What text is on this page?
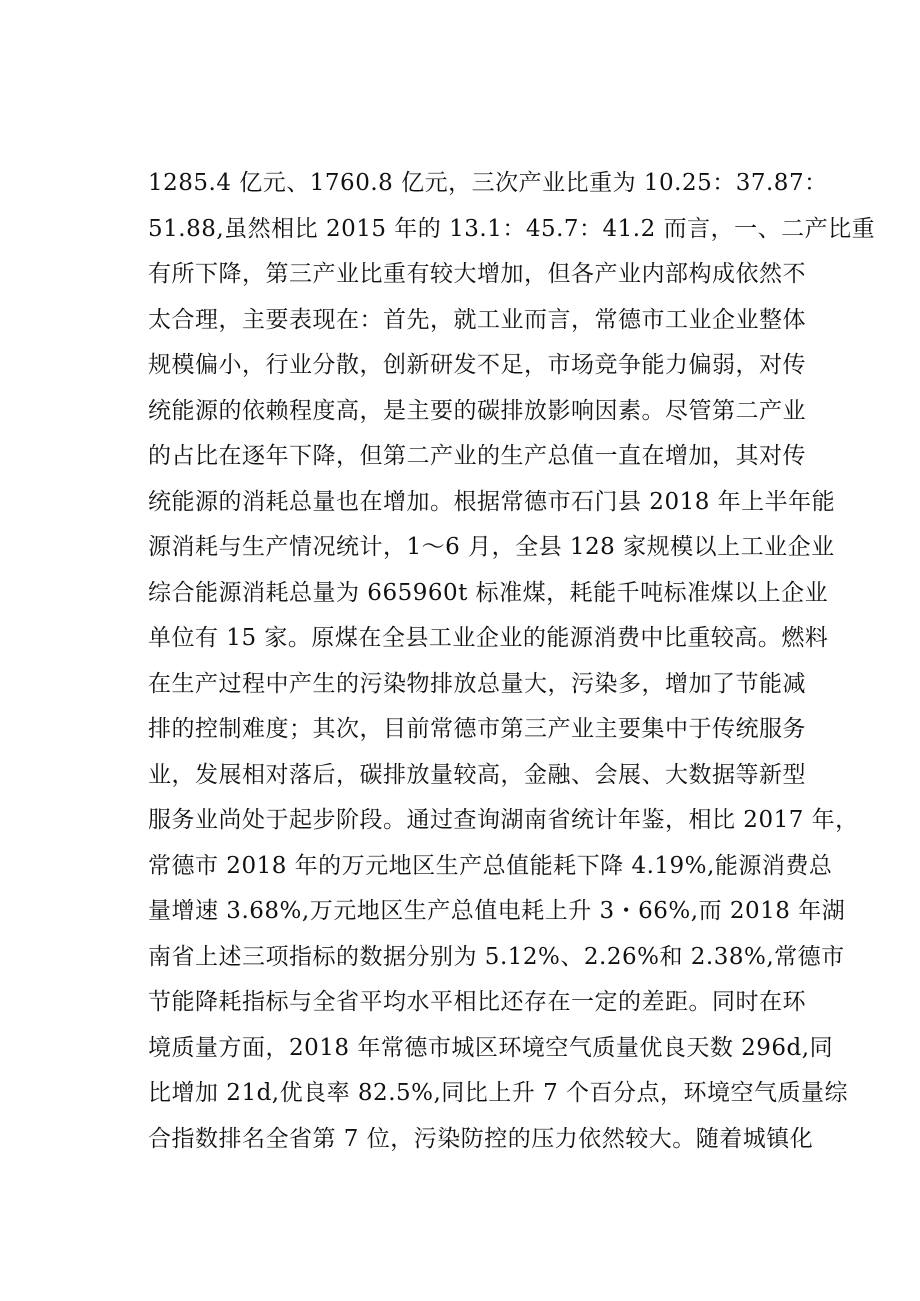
1285.4 亿元、1760.8 亿元，三次产业比重为 10.25：37.87：
51.88,虽然相比 2015 年的 13.1：45.7：41.2 而言，一、二产比重
有所下降，第三产业比重有较大增加，但各产业内部构成依然不
太合理，主要表现在：首先，就工业而言，常德市工业企业整体
规模偏小，行业分散，创新研发不足，市场竞争能力偏弱，对传
统能源的依赖程度高，是主要的碳排放影响因素。尽管第二产业
的占比在逐年下降，但第二产业的生产总值一直在增加，其对传
统能源的消耗总量也在增加。根据常德市石门县 2018 年上半年能
源消耗与生产情况统计，1～6 月，全县 128 家规模以上工业企业
综合能源消耗总量为 665960t 标准煤，耗能千吨标准煤以上企业
单位有 15 家。原煤在全县工业企业的能源消费中比重较高。燃料
在生产过程中产生的污染物排放总量大，污染多，增加了节能减
排的控制难度；其次，目前常德市第三产业主要集中于传统服务
业，发展相对落后，碳排放量较高，金融、会展、大数据等新型
服务业尚处于起步阶段。通过查询湖南省统计年鉴，相比 2017 年，
常德市 2018 年的万元地区生产总值能耗下降 4.19%,能源消费总
量增速 3.68%,万元地区生产总值电耗上升 3・66%,而 2018 年湖
南省上述三项指标的数据分别为 5.12%、2.26%和 2.38%,常德市
节能降耗指标与全省平均水平相比还存在一定的差距。同时在环
境质量方面，2018 年常德市城区环境空气质量优良天数 296d,同
比增加 21d,优良率 82.5%,同比上升 7 个百分点，环境空气质量综
合指数排名全省第 7 位，污染防控的压力依然较大。随着城镇化
